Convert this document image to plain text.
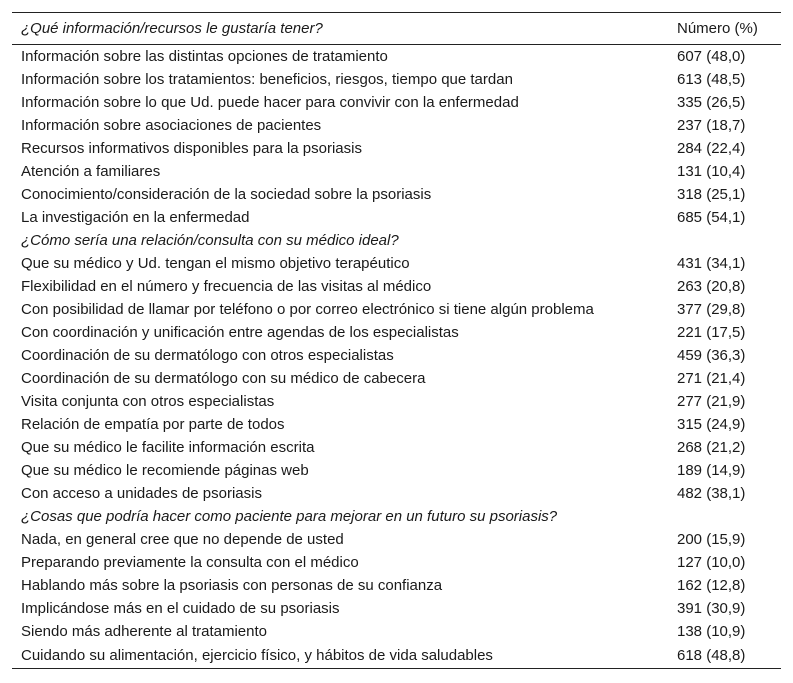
¿Qué información/recursos le gustaría tener?	Número (%)
Información sobre las distintas opciones de tratamiento	607 (48,0)
Información sobre los tratamientos: beneficios, riesgos, tiempo que tardan	613 (48,5)
Información sobre lo que Ud. puede hacer para convivir con la enfermedad	335 (26,5)
Información sobre asociaciones de pacientes	237 (18,7)
Recursos informativos disponibles para la psoriasis	284 (22,4)
Atención a familiares	131 (10,4)
Conocimiento/consideración de la sociedad sobre la psoriasis	318 (25,1)
La investigación en la enfermedad	685 (54,1)
¿Cómo sería una relación/consulta con su médico ideal?	
Que su médico y Ud. tengan el mismo objetivo terapéutico	431 (34,1)
Flexibilidad en el número y frecuencia de las visitas al médico	263 (20,8)
Con posibilidad de llamar por teléfono o por correo electrónico si tiene algún problema	377 (29,8)
Con coordinación y unificación entre agendas de los especialistas	221 (17,5)
Coordinación de su dermatólogo con otros especialistas	459 (36,3)
Coordinación de su dermatólogo con su médico de cabecera	271 (21,4)
Visita conjunta con otros especialistas	277 (21,9)
Relación de empatía por parte de todos	315 (24,9)
Que su médico le facilite información escrita	268 (21,2)
Que su médico le recomiende páginas web	189 (14,9)
Con acceso a unidades de psoriasis	482 (38,1)
¿Cosas que podría hacer como paciente para mejorar en un futuro su psoriasis?	
Nada, en general cree que no depende de usted	200 (15,9)
Preparando previamente la consulta con el médico	127 (10,0)
Hablando más sobre la psoriasis con personas de su confianza	162 (12,8)
Implicándose más en el cuidado de su psoriasis	391 (30,9)
Siendo más adherente al tratamiento	138 (10,9)
Cuidando su alimentación, ejercicio físico, y hábitos de vida saludables	618 (48,8)
